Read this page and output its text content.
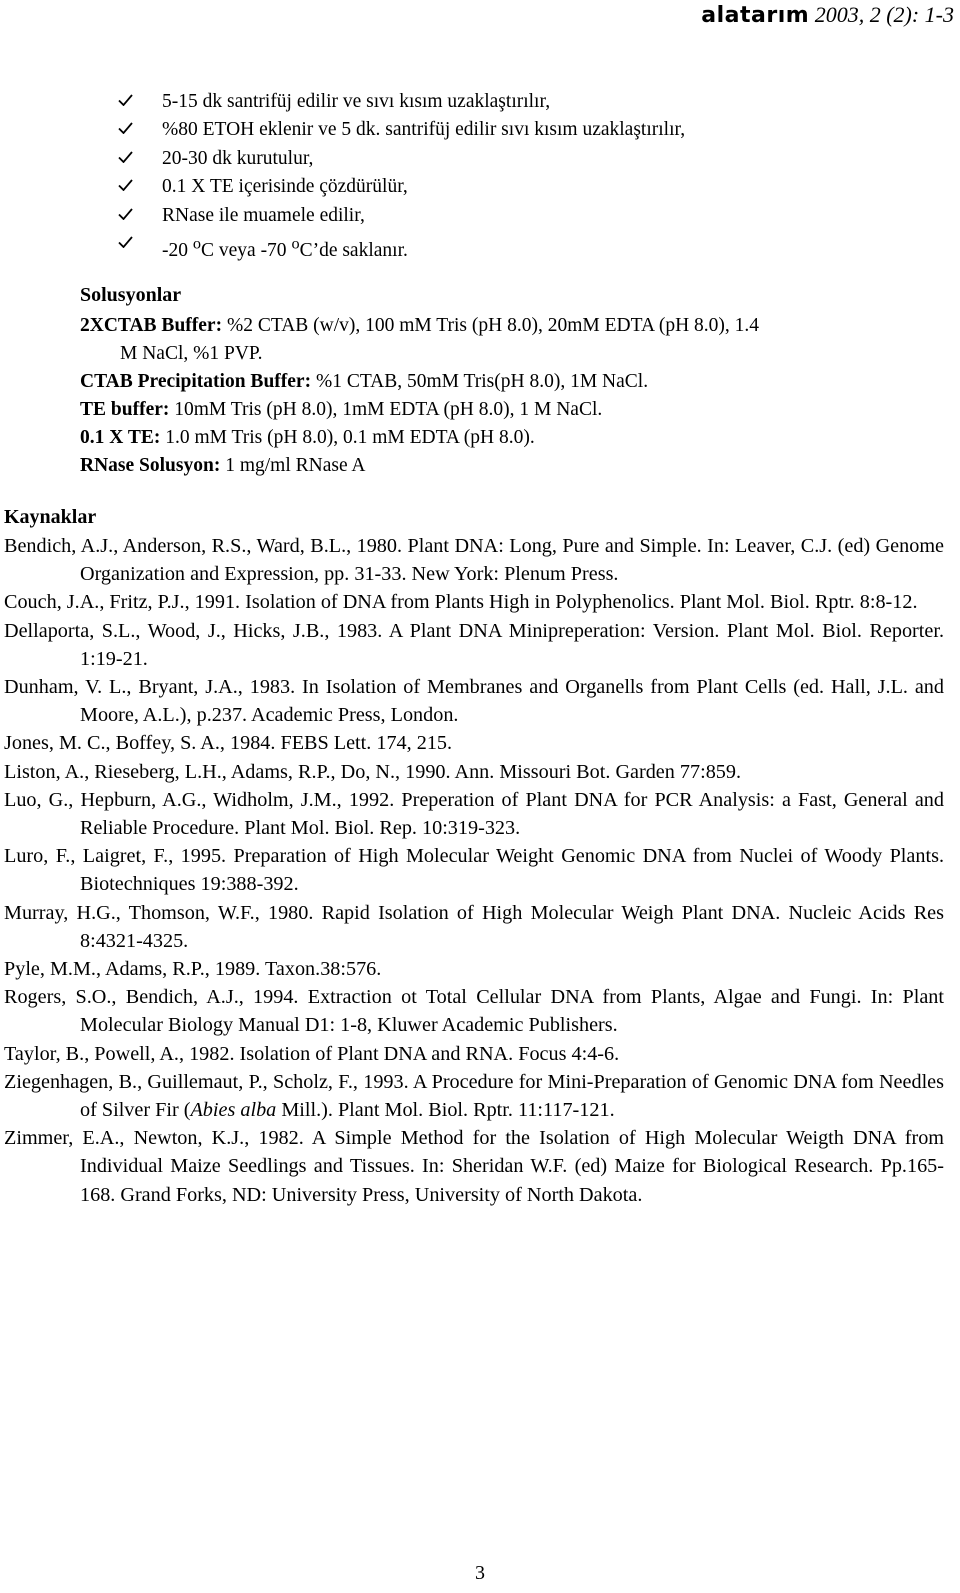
alatarım 2003, 2 (2): 1-3
5-15 dk santrifüj edilir ve sıvı kısım uzaklaştırılır,
%80 ETOH eklenir ve 5 dk. santrifüj edilir sıvı kısım uzaklaştırılır,
20-30 dk kurutulur,
0.1 X TE içerisinde çözdürülür,
RNase ile muamele edilir,
-20 $^o$C veya -70 $^o$C’de saklanır.
Solusyonlar

2XCTAB Buffer: %2 CTAB (w/v), 100 mM Tris (pH 8.0), 20mM EDTA (pH 8.0), 1.4

M NaCl, %1 PVP.

CTAB Precipitation Buffer: %1 CTAB, 50mM Tris(pH 8.0), 1M NaCl.

TE buffer: 10mM Tris (pH 8.0), 1mM EDTA (pH 8.0), 1 M NaCl.

0.1 X TE: 1.0 mM Tris (pH 8.0), 0.1 mM EDTA (pH 8.0).

RNase Solusyon: 1 mg/ml RNase A

Kaynaklar

Bendich, A.J., Anderson, R.S., Ward, B.L., 1980. Plant DNA: Long, Pure and Simple. In: Leaver, C.J. (ed) Genome Organization and Expression, pp. 31-33. New York: Plenum Press.

Couch, J.A., Fritz, P.J., 1991. Isolation of DNA from Plants High in Polyphenolics. Plant Mol. Biol. Rptr. 8:8-12.

Dellaporta, S.L., Wood, J., Hicks, J.B., 1983. A Plant DNA Minipreperation: Version. Plant Mol. Biol. Reporter. 1:19-21.

Dunham, V. L., Bryant, J.A., 1983. In Isolation of Membranes and Organells from Plant Cells (ed. Hall, J.L. and Moore, A.L.), p.237. Academic Press, London.

Jones, M. C., Boffey, S. A., 1984. FEBS Lett. 174, 215.

Liston, A., Rieseberg, L.H., Adams, R.P., Do, N., 1990. Ann. Missouri Bot. Garden 77:859.

Luo, G., Hepburn, A.G., Widholm, J.M., 1992. Preperation of Plant DNA for PCR Analysis: a Fast, General and Reliable Procedure. Plant Mol. Biol. Rep. 10:319-323.

Luro, F., Laigret, F., 1995. Preparation of High Molecular Weight Genomic DNA from Nuclei of Woody Plants. Biotechniques 19:388-392.

Murray, H.G., Thomson, W.F., 1980. Rapid Isolation of High Molecular Weigh Plant DNA. Nucleic Acids Res 8:4321-4325.

Pyle, M.M., Adams, R.P., 1989. Taxon.38:576.

Rogers, S.O., Bendich, A.J., 1994. Extraction ot Total Cellular DNA from Plants, Algae and Fungi. In: Plant Molecular Biology Manual D1: 1-8, Kluwer Academic Publishers.

Taylor, B., Powell, A., 1982. Isolation of Plant DNA and RNA. Focus 4:4-6.

Ziegenhagen, B., Guillemaut, P., Scholz, F., 1993. A Procedure for Mini-Preparation of Genomic DNA fom Needles of Silver Fir (Abies alba Mill.). Plant Mol. Biol. Rptr. 11:117-121.

Zimmer, E.A., Newton, K.J., 1982. A Simple Method for the Isolation of High Molecular Weigth DNA from Individual Maize Seedlings and Tissues. In: Sheridan W.F. (ed) Maize for Biological Research. Pp.165-168. Grand Forks, ND: University Press, University of North Dakota.

3
